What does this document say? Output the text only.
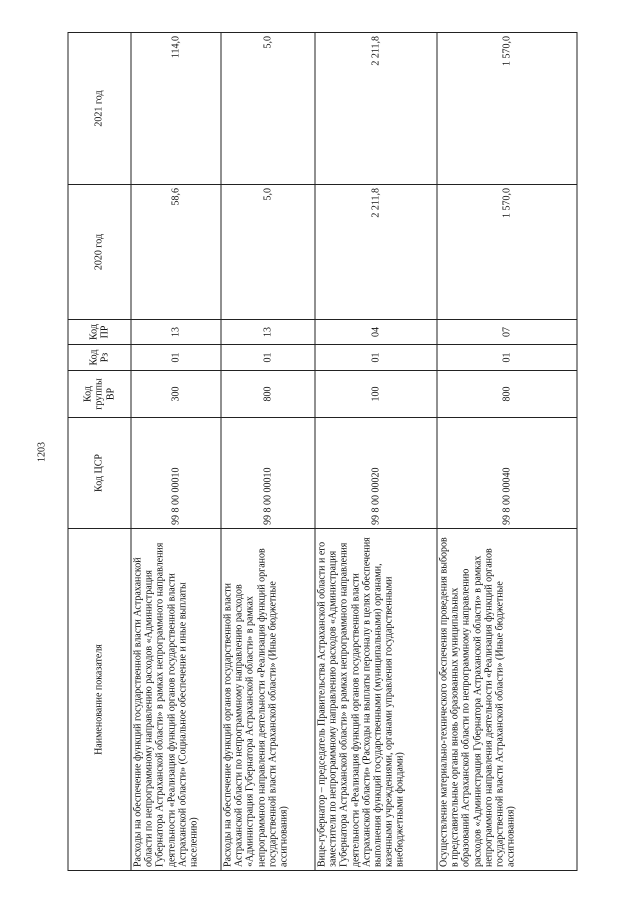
1203
Наименование показателя	Код ЦСР	Код группы ВР	Код Рз	Код ПР	2020 год	2021 год
Расходы на обеспечение функций государственной власти Астраханской области по непрограммному направлению расходов «Администрация Губернатора Астраханской области» в рамках непрограммного направления деятельности «Реализация функций органов государственной власти Астраханской области» (Социальное обеспечение и иные выплаты населению)	99 8 00 00010	300	01	13	58,6	114,0
Расходы на обеспечение функций органов государственной власти Астраханской области по непрограммному направлению расходов «Администрация Губернатора Астраханской области» в рамках непрограммного направления деятельности «Реализация функций органов государственной власти Астраханской области» (Иные бюджетные ассигнования)	99 8 00 00010	800	01	13	5,0	5,0
Вице-губернатор – председатель Правительства Астраханской области и его заместители по непрограммному направлению расходов «Администрация Губернатора Астраханской области» в рамках непрограммного направления деятельности «Реализация функций органов государственной власти Астраханской области» (Расходы на выплаты персоналу в целях обеспечения выполнения функций государственными (муниципальными) органами, казенными учреждениями, органами управления государственными внебюджетными фондами)	99 8 00 00020	100	01	04	2 211,8	2 211,8
Осуществление материально-технического обеспечения проведения выборов в представительные органы вновь образованных муниципальных образований Астраханской области по непрограммному направлению расходов «Администрация Губернатора Астраханской области» в рамках непрограммного направления деятельности «Реализация функций органов государственной власти Астраханской области» (Иные бюджетные ассигнования)	99 8 00 00040	800	01	07	1 570,0	1 570,0
